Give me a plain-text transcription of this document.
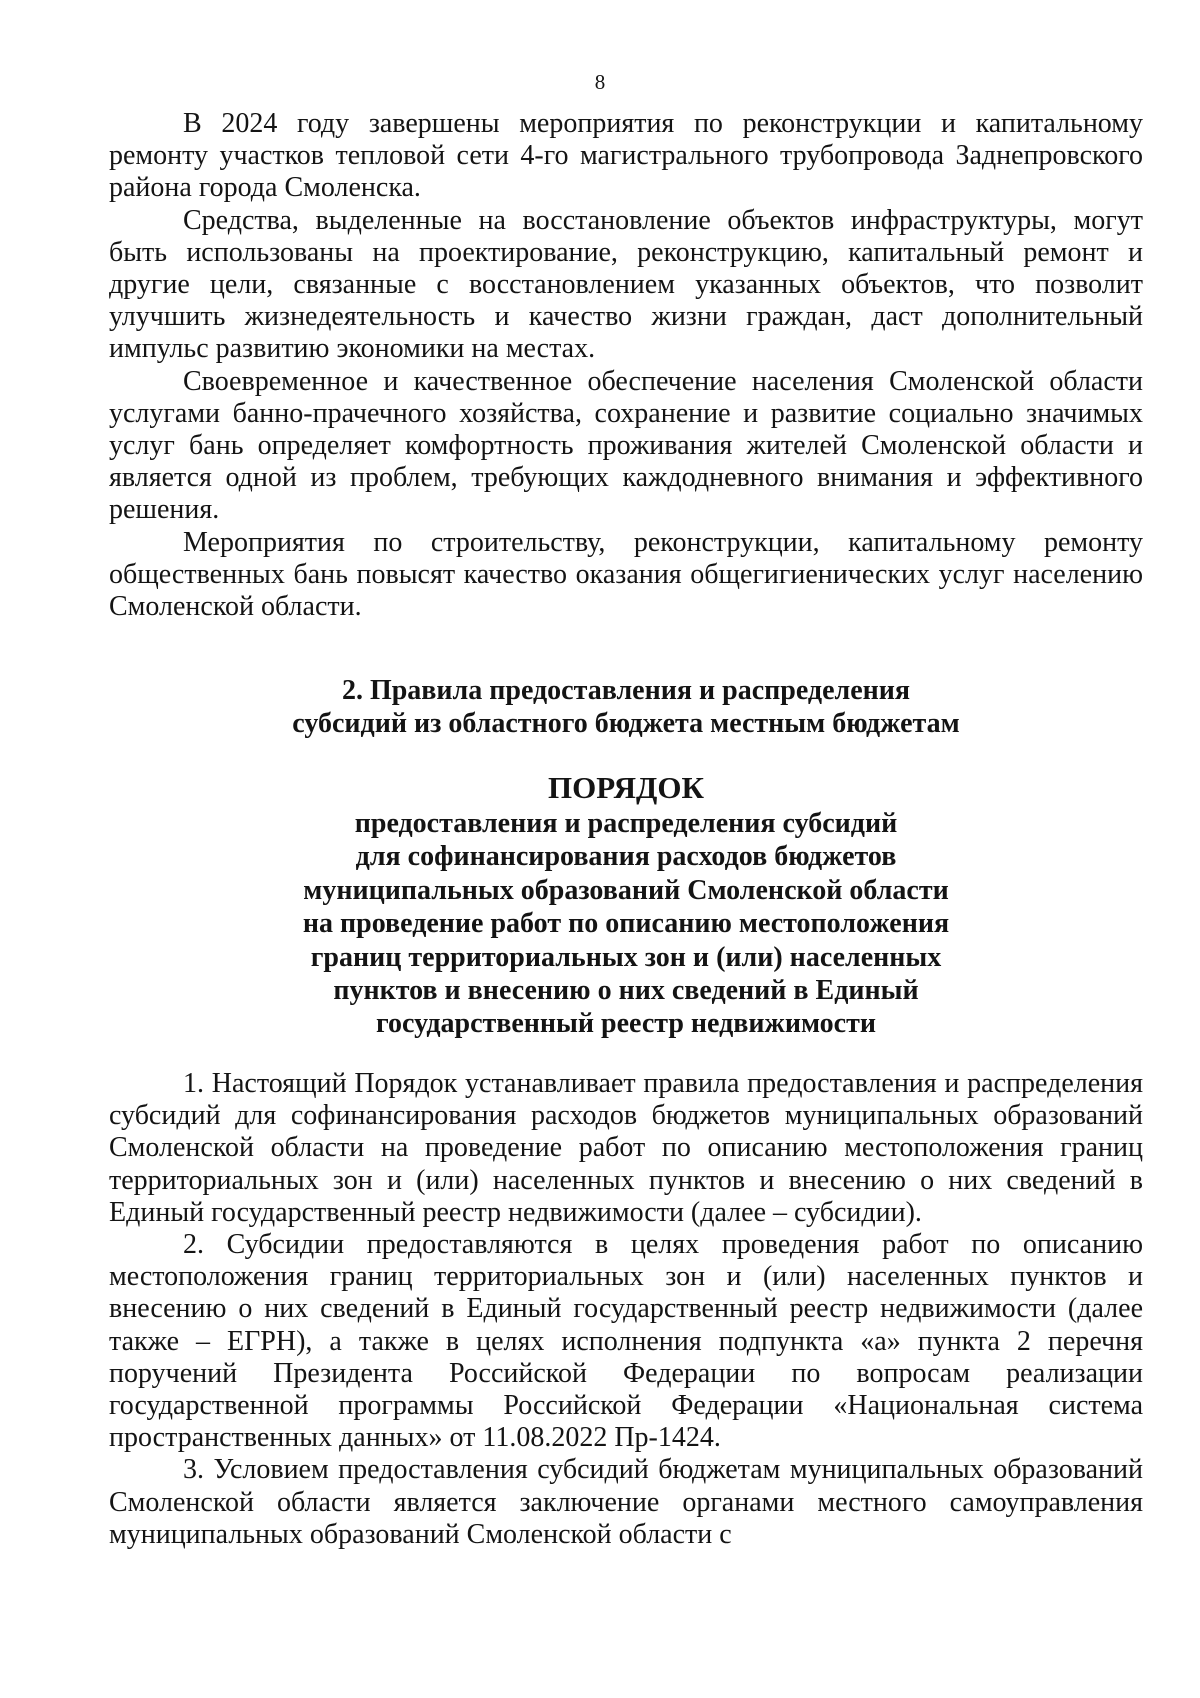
8

В 2024 году завершены мероприятия по реконструкции и капитальному ремонту участков тепловой сети 4-го магистрального трубопровода Заднепровского района города Смоленска.

Средства, выделенные на восстановление объектов инфраструктуры, могут быть использованы на проектирование, реконструкцию, капитальный ремонт и другие цели, связанные с восстановлением указанных объектов, что позволит улучшить жизнедеятельность и качество жизни граждан, даст дополнительный импульс развитию экономики на местах.

Своевременное и качественное обеспечение населения Смоленской области услугами банно-прачечного хозяйства, сохранение и развитие социально значимых услуг бань определяет комфортность проживания жителей Смоленской области и является одной из проблем, требующих каждодневного внимания и эффективного решения.

Мероприятия по строительству, реконструкции, капитальному ремонту общественных бань повысят качество оказания общегигиенических услуг населению Смоленской области.

2. Правила предоставления и распределения
субсидий из областного бюджета местным бюджетам
ПОРЯДОК
предоставления и распределения субсидий
для софинансирования расходов бюджетов
муниципальных образований Смоленской области
на проведение работ по описанию местоположения
границ территориальных зон и (или) населенных
пунктов и внесению о них сведений в Единый
государственный реестр недвижимости

1. Настоящий Порядок устанавливает правила предоставления и распределения субсидий для софинансирования расходов бюджетов муниципальных образований Смоленской области на проведение работ по описанию местоположения границ территориальных зон и (или) населенных пунктов и внесению о них сведений в Единый государственный реестр недвижимости (далее – субсидии).

2. Субсидии предоставляются в целях проведения работ по описанию местоположения границ территориальных зон и (или) населенных пунктов и внесению о них сведений в Единый государственный реестр недвижимости (далее также – ЕГРН), а также в целях исполнения подпункта «а» пункта 2 перечня поручений Президента Российской Федерации по вопросам реализации государственной программы Российской Федерации «Национальная система пространственных данных» от 11.08.2022 Пр-1424.

3. Условием предоставления субсидий бюджетам муниципальных образований Смоленской области является заключение органами местного самоуправления муниципальных образований Смоленской области с
